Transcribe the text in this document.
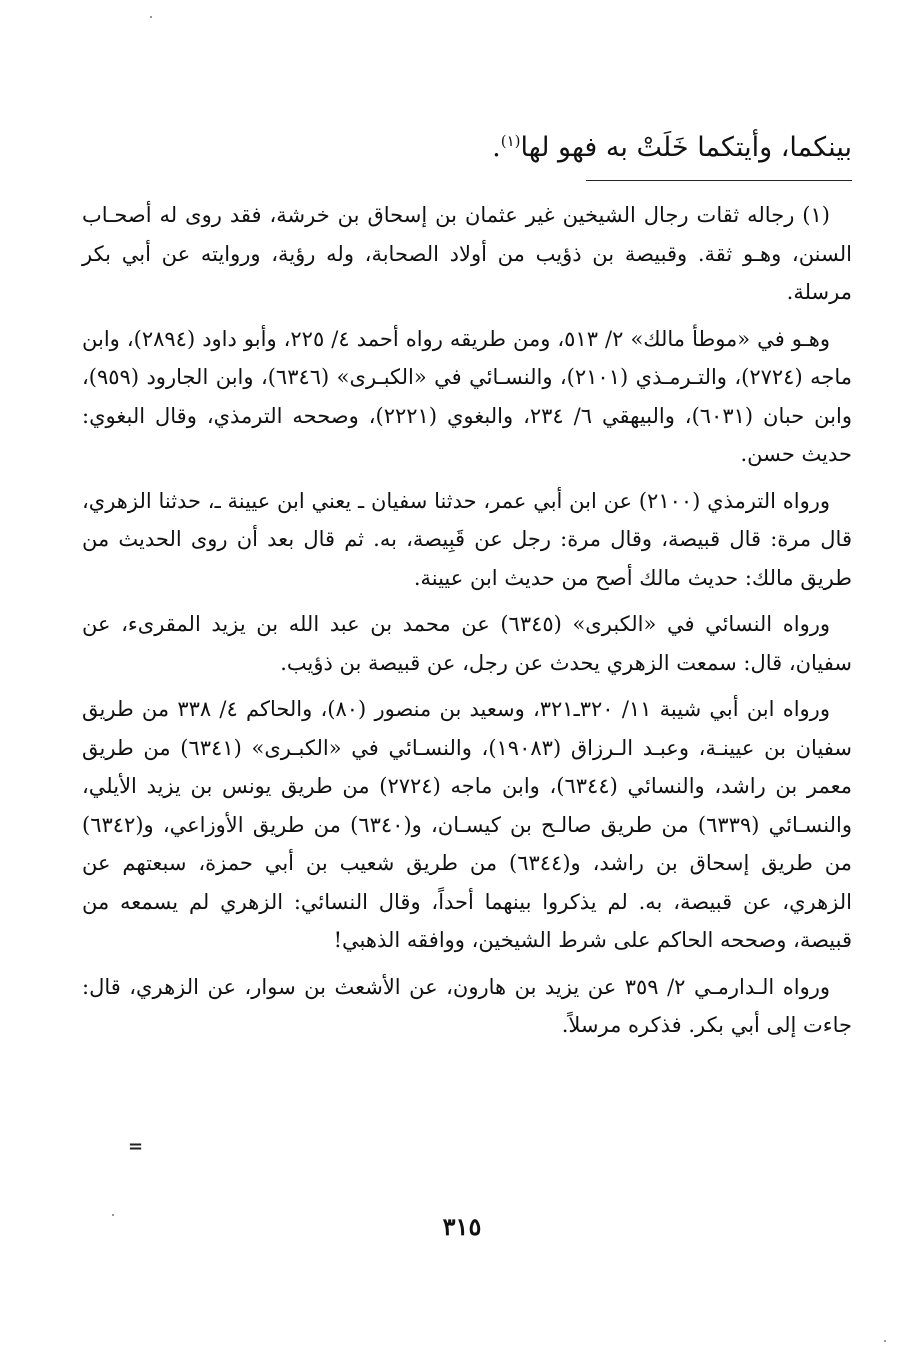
بينكما، وأيتكما خَلَتْ به فهو لها$^{(١)}$.

(١) رجاله ثقات رجال الشيخين غير عثمان بن إسحاق بن خرشة، فقد روى له أصحـاب السنن، وهـو ثقة. وقبيصة بن ذؤيب من أولاد الصحابة، وله رؤية، وروايته عن أبي بكر مرسلة.

وهـو في «موطأ مالك» ٢/ ٥١٣، ومن طريقه رواه أحمد ٤/ ٢٢٥، وأبو داود (٢٨٩٤)، وابن ماجه (٢٧٢٤)، والتـرمـذي (٢١٠١)، والنسـائي في «الكبـرى» (٦٣٤٦)، وابن الجارود (٩٥٩)، وابن حبان (٦٠٣١)، والبيهقي ٦/ ٢٣٤، والبغوي (٢٢٢١)، وصححه الترمذي، وقال البغوي: حديث حسن.

ورواه الترمذي (٢١٠٠) عن ابن أبي عمر، حدثنا سفيان ـ يعني ابن عيينة ـ، حدثنا الزهري، قال مرة: قال قبيصة، وقال مرة: رجل عن قَبِيصة، به. ثم قال بعد أن روى الحديث من طريق مالك: حديث مالك أصح من حديث ابن عيينة.

ورواه النسائي في «الكبرى» (٦٣٤٥) عن محمد بن عبد الله بن يزيد المقرىء، عن سفيان، قال: سمعت الزهري يحدث عن رجل، عن قبيصة بن ذؤيب.

ورواه ابن أبي شيبة ١١/ ٣٢٠ـ٣٢١، وسعيد بن منصور (٨٠)، والحاكم ٤/ ٣٣٨ من طريق سفيان بن عيينـة، وعبـد الـرزاق (١٩٠٨٣)، والنسـائي في «الكبـرى» (٦٣٤١) من طريق معمر بن راشد، والنسائي (٦٣٤٤)، وابن ماجه (٢٧٢٤) من طريق يونس بن يزيد الأيلي، والنسـائي (٦٣٣٩) من طريق صالـح بن كيسـان، و(٦٣٤٠) من طريق الأوزاعي، و(٦٣٤٢) من طريق إسحاق بن راشد، و(٦٣٤٤) من طريق شعيب بن أبي حمزة، سبعتهم عن الزهري، عن قبيصة، به. لم يذكروا بينهما أحداً، وقال النسائي: الزهري لم يسمعه من قبيصة، وصححه الحاكم على شرط الشيخين، ووافقه الذهبي!

ورواه الـدارمـي ٢/ ٣٥٩ عن يزيد بن هارون، عن الأشعث بن سوار، عن الزهري، قال: جاءت إلى أبي بكر. فذكره مرسلاً.

=
٣١٥
